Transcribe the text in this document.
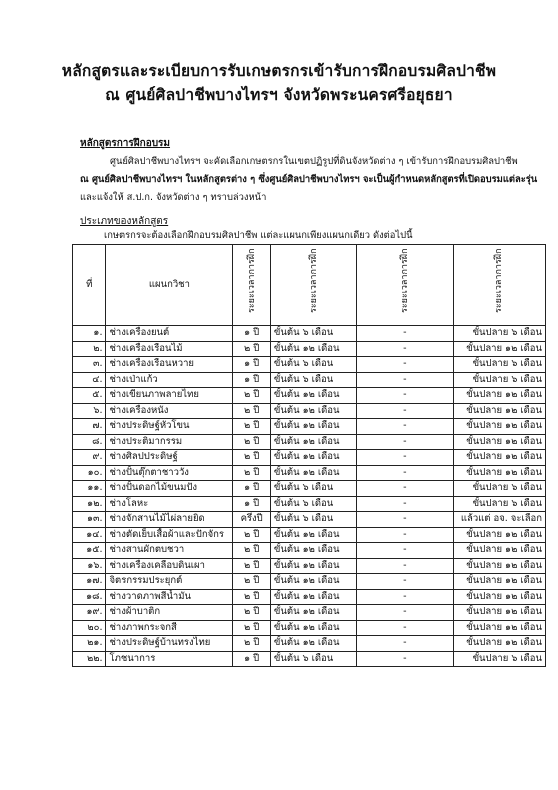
หลักสูตรและระเบียบการรับเกษตรกรเข้ารับการฝึกอบรมศิลปาชีพ
ณ ศูนย์ศิลปาชีพบางไทรฯ จังหวัดพระนครศรีอยุธยา
หลักสูตรการฝึกอบรม
ศูนย์ศิลปาชีพบางไทรฯ จะคัดเลือกเกษตรกรในเขตปฏิรูปที่ดินจังหวัดต่าง ๆ เข้ารับการฝึกอบรมศิลปาชีพ
ณ ศูนย์ศิลปาชีพบางไทรฯ ในหลักสูตรต่าง ๆ ซึ่งศูนย์ศิลปาชีพบางไทรฯ จะเป็นผู้กำหนดหลักสูตรที่เปิดอบรมแต่ละรุ่น
และแจ้งให้ ส.ป.ก. จังหวัดต่าง ๆ ทราบล่วงหน้า
ประเภทของหลักสูตร
เกษตรกรจะต้องเลือกฝึกอบรมศิลปาชีพ แต่ละแผนกเพียงแผนกเดียว ดังต่อไปนี้
ที่	แผนกวิชา	ระยะเวลาการฝึก	ระยะเวลาการฝึก	ระยะเวลาการฝึก	ระยะเวลาการฝึก

๑.	ช่างเครื่องยนต์	๑ ปี	ขั้นต้น ๖ เดือน	-	ขั้นปลาย ๖ เดือน
๒.	ช่างเครื่องเรือนไม้	๒ ปี	ขั้นต้น ๑๒ เดือน	-	ขั้นปลาย ๑๒ เดือน
๓.	ช่างเครื่องเรือนหวาย	๑ ปี	ขั้นต้น ๖ เดือน	-	ขั้นปลาย ๖ เดือน
๔.	ช่างเป่าแก้ว	๑ ปี	ขั้นต้น ๖ เดือน	-	ขั้นปลาย ๖ เดือน
๕.	ช่างเขียนภาพลายไทย	๒ ปี	ขั้นต้น ๑๒ เดือน	-	ขั้นปลาย ๑๒ เดือน
๖.	ช่างเครื่องหนัง	๒ ปี	ขั้นต้น ๑๒ เดือน	-	ขั้นปลาย ๑๒ เดือน
๗.	ช่างประดิษฐ์หัวโขน	๒ ปี	ขั้นต้น ๑๒ เดือน	-	ขั้นปลาย ๑๒ เดือน
๘.	ช่างประติมากรรม	๒ ปี	ขั้นต้น ๑๒ เดือน	-	ขั้นปลาย ๑๒ เดือน
๙.	ช่างศิลปประดิษฐ์	๒ ปี	ขั้นต้น ๑๒ เดือน	-	ขั้นปลาย ๑๒ เดือน
๑๐.	ช่างปั้นตุ๊กตาชาววัง	๒ ปี	ขั้นต้น ๑๒ เดือน	-	ขั้นปลาย ๑๒ เดือน
๑๑.	ช่างปั้นดอกไม้ขนมปัง	๑ ปี	ขั้นต้น ๖ เดือน	-	ขั้นปลาย ๖ เดือน
๑๒.	ช่างโลหะ	๑ ปี	ขั้นต้น ๖ เดือน	-	ขั้นปลาย ๖ เดือน
๑๓.	ช่างจักสานไม้ไผ่ลายยิด	ครึ่งปี	ขั้นต้น ๖ เดือน	-	แล้วแต่ อจ. จะเลือก
๑๔.	ช่างตัดเย็บเสื้อผ้าและปักจักร	๒ ปี	ขั้นต้น ๑๒ เดือน	-	ขั้นปลาย ๑๒ เดือน
๑๕.	ช่างสานผักตบชวา	๒ ปี	ขั้นต้น ๑๒ เดือน	-	ขั้นปลาย ๑๒ เดือน
๑๖.	ช่างเครื่องเคลือบดินเผา	๒ ปี	ขั้นต้น ๑๒ เดือน	-	ขั้นปลาย ๑๒ เดือน
๑๗.	จิตรกรรมประยุกต์	๒ ปี	ขั้นต้น ๑๒ เดือน	-	ขั้นปลาย ๑๒ เดือน
๑๘.	ช่างวาดภาพสีน้ำมัน	๒ ปี	ขั้นต้น ๑๒ เดือน	-	ขั้นปลาย ๑๒ เดือน
๑๙.	ช่างผ้าบาติก	๒ ปี	ขั้นต้น ๑๒ เดือน	-	ขั้นปลาย ๑๒ เดือน
๒๐.	ช่างภาพกระจกสี	๒ ปี	ขั้นต้น ๑๒ เดือน	-	ขั้นปลาย ๑๒ เดือน
๒๑.	ช่างประดิษฐ์บ้านทรงไทย	๒ ปี	ขั้นต้น ๑๒ เดือน	-	ขั้นปลาย ๑๒ เดือน
๒๒.	โภชนาการ	๑ ปี	ขั้นต้น ๖ เดือน	-	ขั้นปลาย ๖ เดือน
